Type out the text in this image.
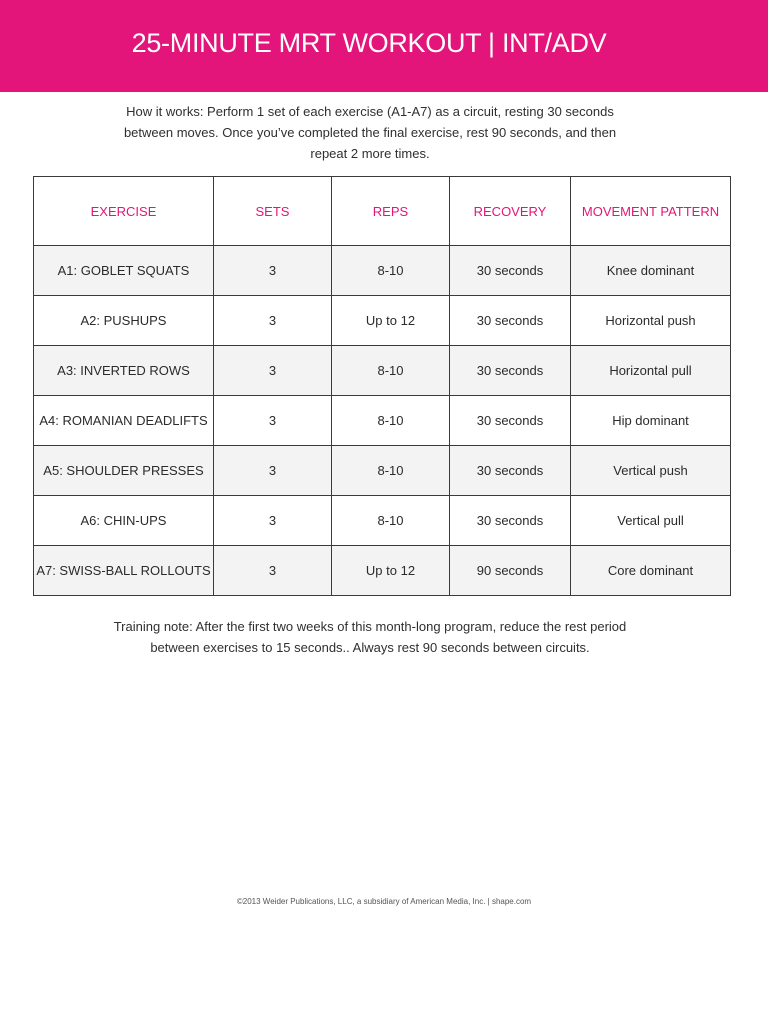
25-MINUTE MRT WORKOUT | INT/ADV
How it works: Perform 1 set of each exercise (A1-A7) as a circuit, resting 30 seconds
between moves. Once you’ve completed the final exercise, rest 90 seconds, and then
repeat 2 more times.
EXERCISE	SETS	REPS	RECOVERY	MOVEMENT PATTERN
A1: GOBLET SQUATS	3	8-10	30 seconds	Knee dominant
A2: PUSHUPS	3	Up to 12	30 seconds	Horizontal push
A3: INVERTED ROWS	3	8-10	30 seconds	Horizontal pull
A4: ROMANIAN DEADLIFTS	3	8-10	30 seconds	Hip dominant
A5: SHOULDER PRESSES	3	8-10	30 seconds	Vertical push
A6: CHIN-UPS	3	8-10	30 seconds	Vertical pull
A7: SWISS-BALL ROLLOUTS	3	Up to 12	90 seconds	Core dominant
Training note: After the first two weeks of this month-long program, reduce the rest period
between exercises to 15 seconds.. Always rest 90 seconds between circuits.
©2013 Weider Publications, LLC, a subsidiary of American Media, Inc. | shape.com
